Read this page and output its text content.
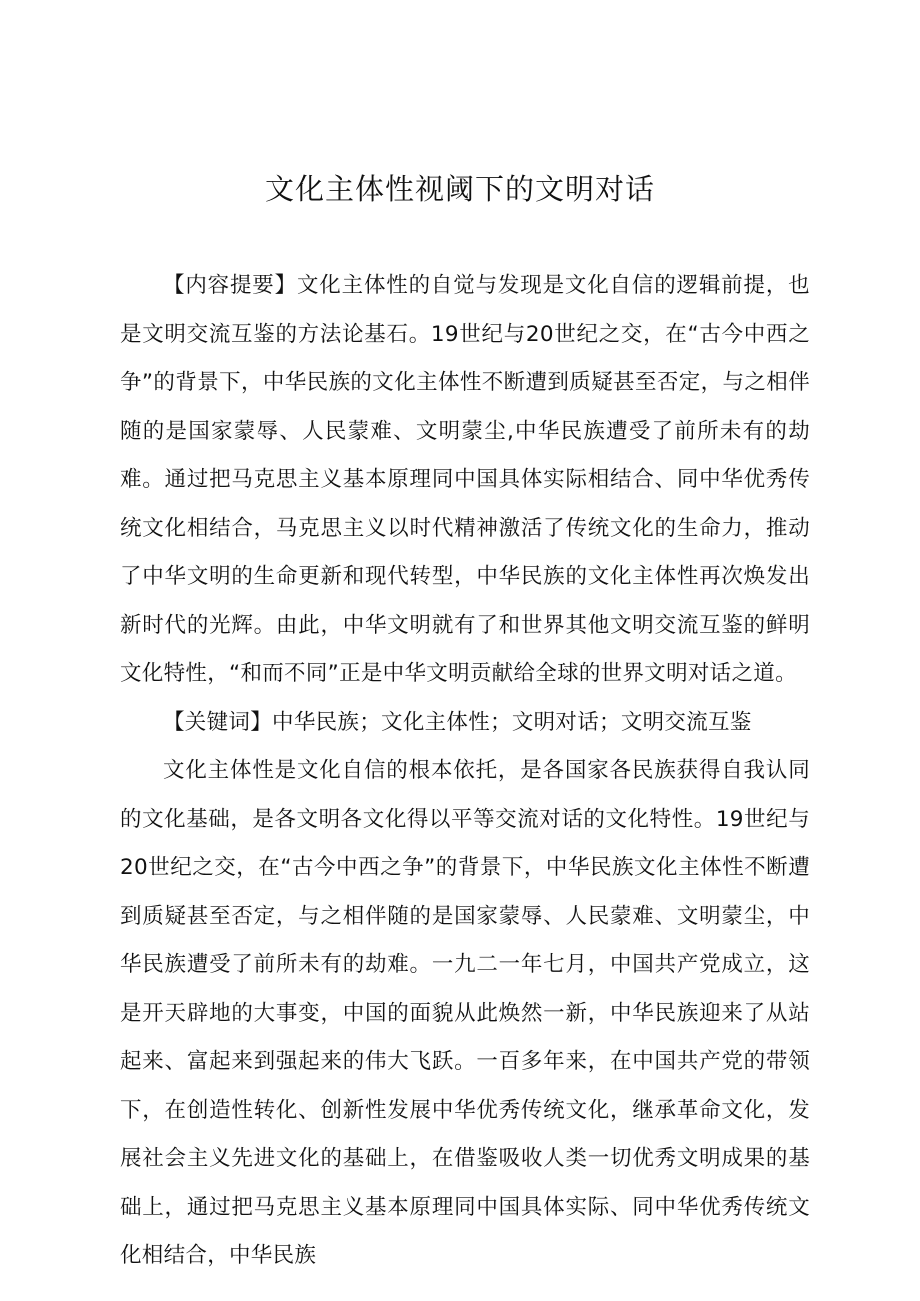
文化主体性视阈下的文明对话

【内容提要】文化主体性的自觉与发现是文化自信的逻辑前提，也是文明交流互鉴的方法论基石。19世纪与20世纪之交，在“古今中西之争”的背景下，中华民族的文化主体性不断遭到质疑甚至否定，与之相伴随的是国家蒙辱、人民蒙难、文明蒙尘,中华民族遭受了前所未有的劫难。通过把马克思主义基本原理同中国具体实际相结合、同中华优秀传统文化相结合，马克思主义以时代精神激活了传统文化的生命力，推动了中华文明的生命更新和现代转型，中华民族的文化主体性再次焕发出新时代的光辉。由此，中华文明就有了和世界其他文明交流互鉴的鲜明文化特性，“和而不同”正是中华文明贡献给全球的世界文明对话之道。

【关键词】中华民族；文化主体性；文明对话；文明交流互鉴

文化主体性是文化自信的根本依托，是各国家各民族获得自我认同的文化基础，是各文明各文化得以平等交流对话的文化特性。19世纪与20世纪之交，在“古今中西之争”的背景下，中华民族文化主体性不断遭到质疑甚至否定，与之相伴随的是国家蒙辱、人民蒙难、文明蒙尘，中华民族遭受了前所未有的劫难。一九二一年七月，中国共产党成立，这是开天辟地的大事变，中国的面貌从此焕然一新，中华民族迎来了从站起来、富起来到强起来的伟大飞跃。一百多年来，在中国共产党的带领下，在创造性转化、创新性发展中华优秀传统文化，继承革命文化，发展社会主义先进文化的基础上，在借鉴吸收人类一切优秀文明成果的基础上，通过把马克思主义基本原理同中国具体实际、同中华优秀传统文化相结合，中华民族
